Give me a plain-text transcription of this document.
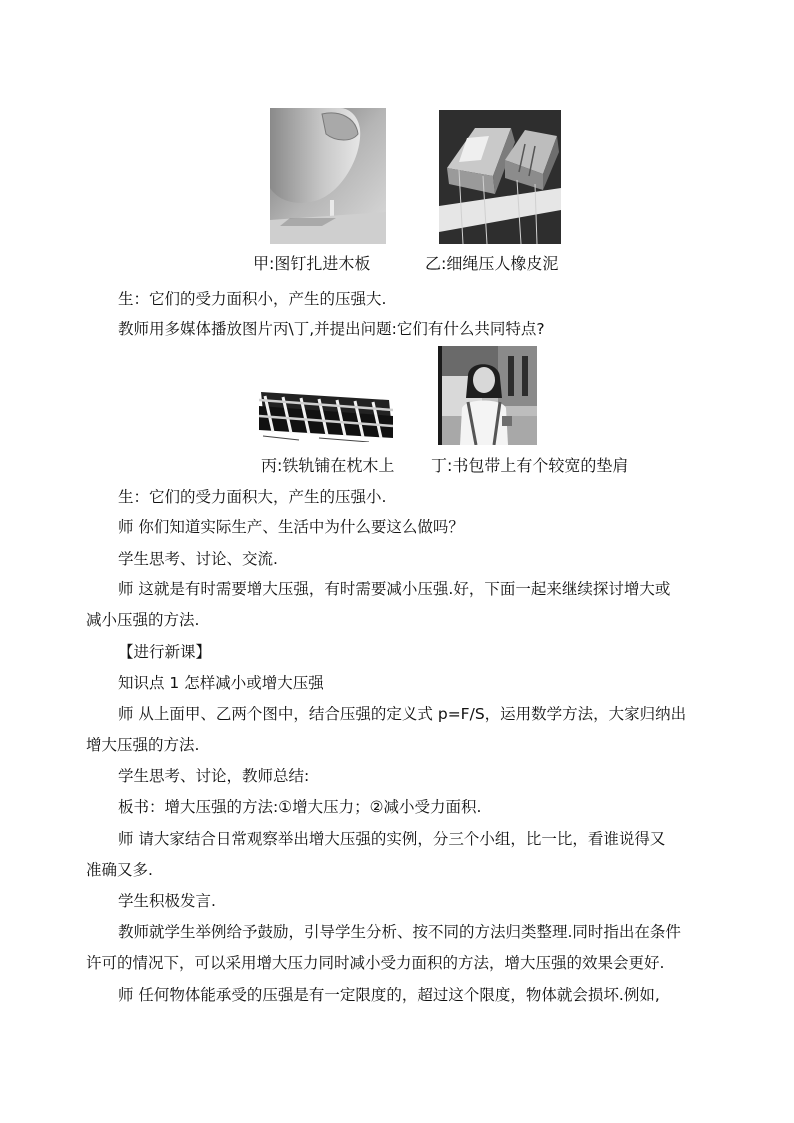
甲:图钉扎进木板	乙:细绳压人橡皮泥
生：它们的受力面积小，产生的压强大.
教师用多媒体播放图片丙\丁,并提出问题:它们有什么共同特点?
丙:铁轨铺在枕木上 丁:书包带上有个较宽的垫肩
生：它们的受力面积大，产生的压强小.
师 你们知道实际生产、生活中为什么要这么做吗？
学生思考、讨论、交流.
师 这就是有时需要增大压强，有时需要减小压强.好，下面一起来继续探讨增大或
减小压强的方法.
【进行新课】
知识点 1 怎样减小或增大压强
师 从上面甲、乙两个图中，结合压强的定义式 p=F/S，运用数学方法，大家归纳出
增大压强的方法.
学生思考、讨论，教师总结:
板书：增大压强的方法:①增大压力；②减小受力面积.
师 请大家结合日常观察举出增大压强的实例，分三个小组，比一比，看谁说得又
准确又多.
学生积极发言.
教师就学生举例给予鼓励，引导学生分析、按不同的方法归类整理.同时指出在条件
许可的情况下，可以采用增大压力同时减小受力面积的方法，增大压强的效果会更好.
师 任何物体能承受的压强是有一定限度的，超过这个限度，物体就会损坏.例如,
